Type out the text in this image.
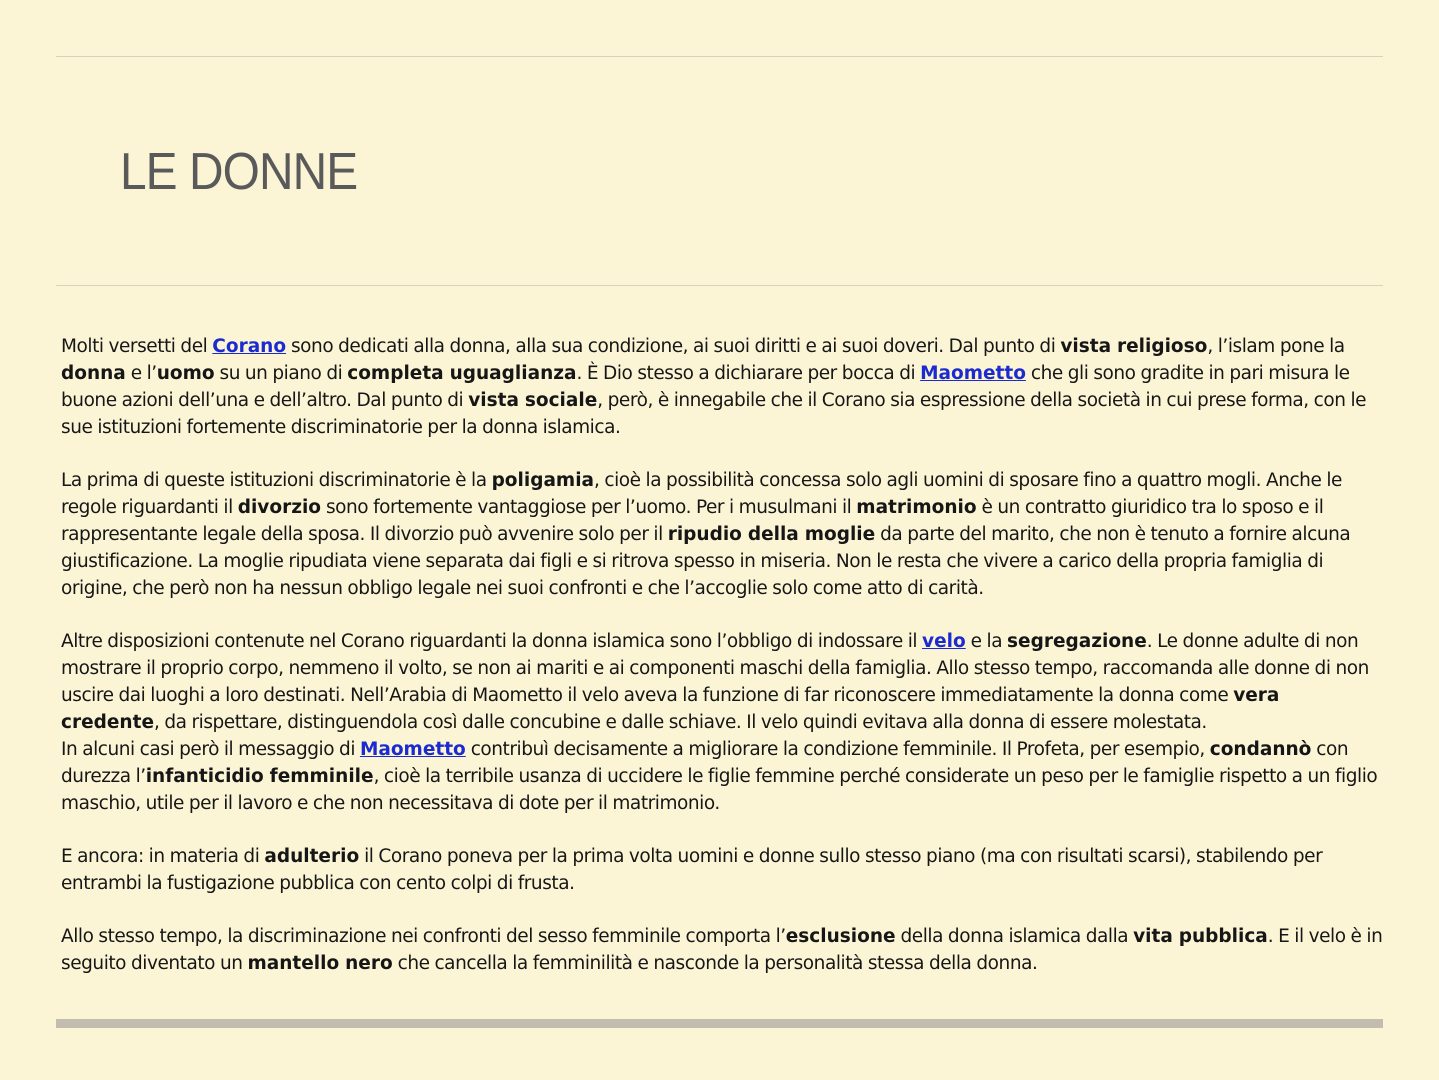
LE DONNE

Molti versetti del Corano sono dedicati alla donna, alla sua condizione, ai suoi diritti e ai suoi doveri. Dal punto di vista religioso, l’islam pone la donna e l’uomo su un piano di completa uguaglianza. È Dio stesso a dichiarare per bocca di Maometto che gli sono gradite in pari misura le buone azioni dell’una e dell’altro. Dal punto di vista sociale, però, è innegabile che il Corano sia espressione della società in cui prese forma, con le sue istituzioni fortemente discriminatorie per la donna islamica.

La prima di queste istituzioni discriminatorie è la poligamia, cioè la possibilità concessa solo agli uomini di sposare fino a quattro mogli. Anche le regole riguardanti il divorzio sono fortemente vantaggiose per l’uomo. Per i musulmani il matrimonio è un contratto giuridico tra lo sposo e il rappresentante legale della sposa. Il divorzio può avvenire solo per il ripudio della moglie da parte del marito, che non è tenuto a fornire alcuna giustificazione. La moglie ripudiata viene separata dai figli e si ritrova spesso in miseria. Non le resta che vivere a carico della propria famiglia di origine, che però non ha nessun obbligo legale nei suoi confronti e che l’accoglie solo come atto di carità.

Altre disposizioni contenute nel Corano riguardanti la donna islamica sono l’obbligo di indossare il velo e la segregazione. Le donne adulte di non mostrare il proprio corpo, nemmeno il volto, se non ai mariti e ai componenti maschi della famiglia. Allo stesso tempo, raccomanda alle donne di non uscire dai luoghi a loro destinati. Nell’Arabia di Maometto il velo aveva la funzione di far riconoscere immediatamente la donna come vera credente, da rispettare, distinguendola così dalle concubine e dalle schiave. Il velo quindi evitava alla donna di essere molestata.
In alcuni casi però il messaggio di Maometto contribuì decisamente a migliorare la condizione femminile. Il Profeta, per esempio, condannò con durezza l’infanticidio femminile, cioè la terribile usanza di uccidere le figlie femmine perché considerate un peso per le famiglie rispetto a un figlio maschio, utile per il lavoro e che non necessitava di dote per il matrimonio.

E ancora: in materia di adulterio il Corano poneva per la prima volta uomini e donne sullo stesso piano (ma con risultati scarsi), stabilendo per entrambi la fustigazione pubblica con cento colpi di frusta.

Allo stesso tempo, la discriminazione nei confronti del sesso femminile comporta l’esclusione della donna islamica dalla vita pubblica. E il velo è in seguito diventato un mantello nero che cancella la femminilità e nasconde la personalità stessa della donna.
